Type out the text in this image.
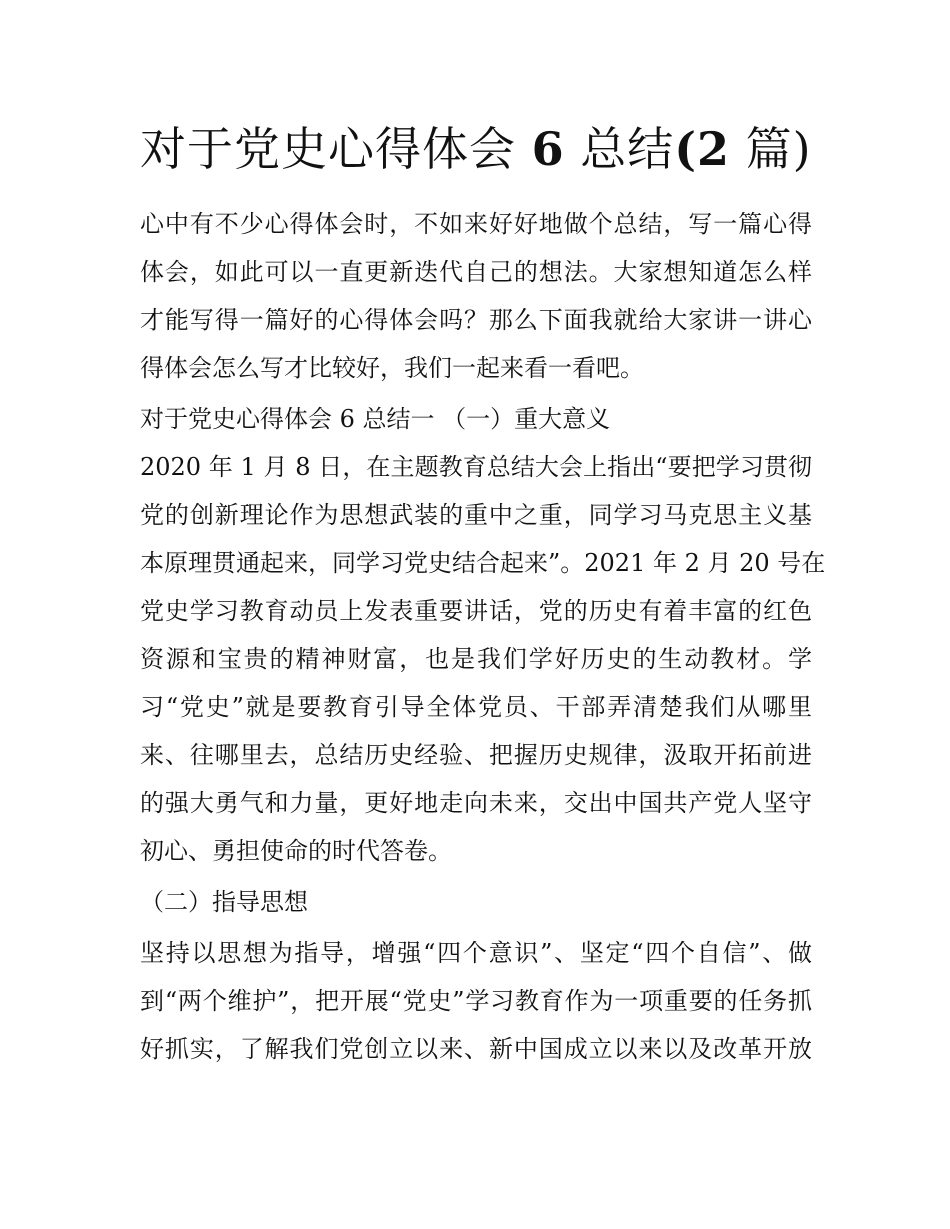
对于党史心得体会 6 总结(2 篇)

心中有不少心得体会时，不如来好好地做个总结，写一篇心得

体会，如此可以一直更新迭代自己的想法。大家想知道怎么样

才能写得一篇好的心得体会吗？那么下面我就给大家讲一讲心

得体会怎么写才比较好，我们一起来看一看吧。

对于党史心得体会 6 总结一 （一）重大意义

2020 年 1 月 8 日，在主题教育总结大会上指出“要把学习贯彻

党的创新理论作为思想武装的重中之重，同学习马克思主义基

本原理贯通起来，同学习党史结合起来”。2021 年 2 月 20 号在

党史学习教育动员上发表重要讲话，党的历史有着丰富的红色

资源和宝贵的精神财富，也是我们学好历史的生动教材。学

习“党史”就是要教育引导全体党员、干部弄清楚我们从哪里

来、往哪里去，总结历史经验、把握历史规律，汲取开拓前进

的强大勇气和力量，更好地走向未来，交出中国共产党人坚守

初心、勇担使命的时代答卷。

（二）指导思想

坚持以思想为指导，增强“四个意识”、坚定“四个自信”、做

到“两个维护”，把开展“党史”学习教育作为一项重要的任务抓

好抓实，了解我们党创立以来、新中国成立以来以及改革开放
